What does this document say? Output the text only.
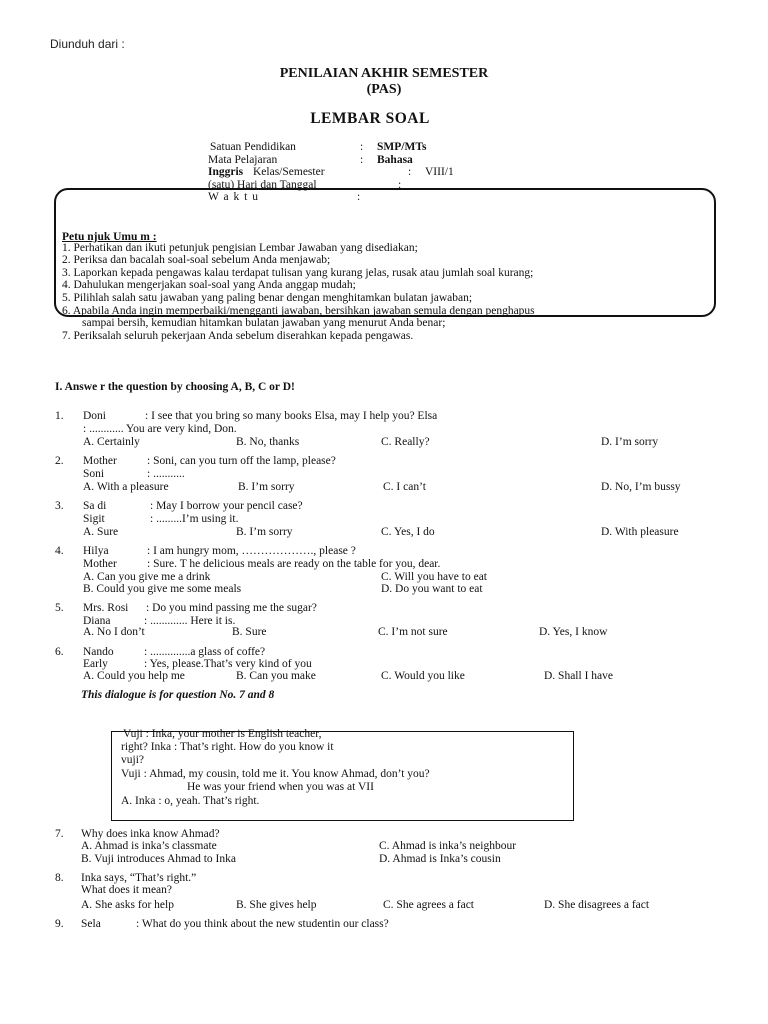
Diunduh dari :
PENILAIAN AKHIR SEMESTER
(PAS)
LEMBAR SOAL
Satuan Pendidikan	: SMP/MTs
Mata Pelajaran	: Bahasa
Inggris Kelas/Semester	: VIII/1
(satu) Hari dan Tanggal	:
W a k t u	:
Petu njuk Umu m :
1. Perhatikan dan ikuti petunjuk pengisian Lembar Jawaban yang disediakan;
2. Periksa dan bacalah soal-soal sebelum Anda menjawab;
3. Laporkan kepada pengawas kalau terdapat tulisan yang kurang jelas, rusak atau jumlah soal kurang;
4. Dahulukan mengerjakan soal-soal yang Anda anggap mudah;
5. Pilihlah salah satu jawaban yang paling benar dengan menghitamkan bulatan jawaban;
6. Apabila Anda ingin memperbaiki/mengganti jawaban, bersihkan jawaban semula dengan penghapus
sampai bersih, kemudian hitamkan bulatan jawaban yang menurut Anda benar;
7. Periksalah seluruh pekerjaan Anda sebelum diserahkan kepada pengawas.
I. Answe r the question by choosing A, B, C or D!
1. Doni	: I see that you bring so many books Elsa, may I help you? Elsa
: ............ You are very kind, Don.
A. Certainly	B. No, thanks	C. Really?	D. I’m sorry
2. Mother	: Soni, can you turn off the lamp, please?
Soni	: ...........
A. With a pleasure	B. I’m sorry	C. I can’t	D. No, I’m bussy
3. Sa di	: May I borrow your pencil case?
Sigit	: .........I’m using it.
A. Sure	B. I’m sorry	C. Yes, I do	D. With pleasure
4. Hilya	: I am hungry mom, ………………., please ?
Mother	: Sure. T he delicious meals are ready on the table for you, dear.
A. Can you give me a drink	C. Will you have to eat
B. Could you give me some meals	D. Do you want to eat
5. Mrs. Rosi : Do you mind passing me the sugar?
Diana	: ............. Here it is.
A. No I don’t	B. Sure	C. I’m not sure	D. Yes, I know
6. Nando	: ..............a glass of coffe?
Early	: Yes, please.That’s very kind of you
A. Could you help me	B. Can you make	C. Would you like	D. Shall I have
This dialogue is for question No. 7 and 8
Vuji : Inka, your mother is English teacher,
right? Inka : That’s right. How do you know it
vuji?
Vuji : Ahmad, my cousin, told me it. You know Ahmad, don’t you?
He was your friend when you was at VII
A. Inka : o, yeah. That’s right.
7. Why does inka know Ahmad?
A. Ahmad is inka’s classmate	C. Ahmad is inka’s neighbour
B. Vuji introduces Ahmad to Inka	D. Ahmad is Inka’s cousin
8. Inka says, “That’s right.”
What does it mean?
A. She asks for help	B. She gives help	C. She agrees a fact	D. She disagrees a fact
9. Sela	: What do you think about the new studentin our class?
